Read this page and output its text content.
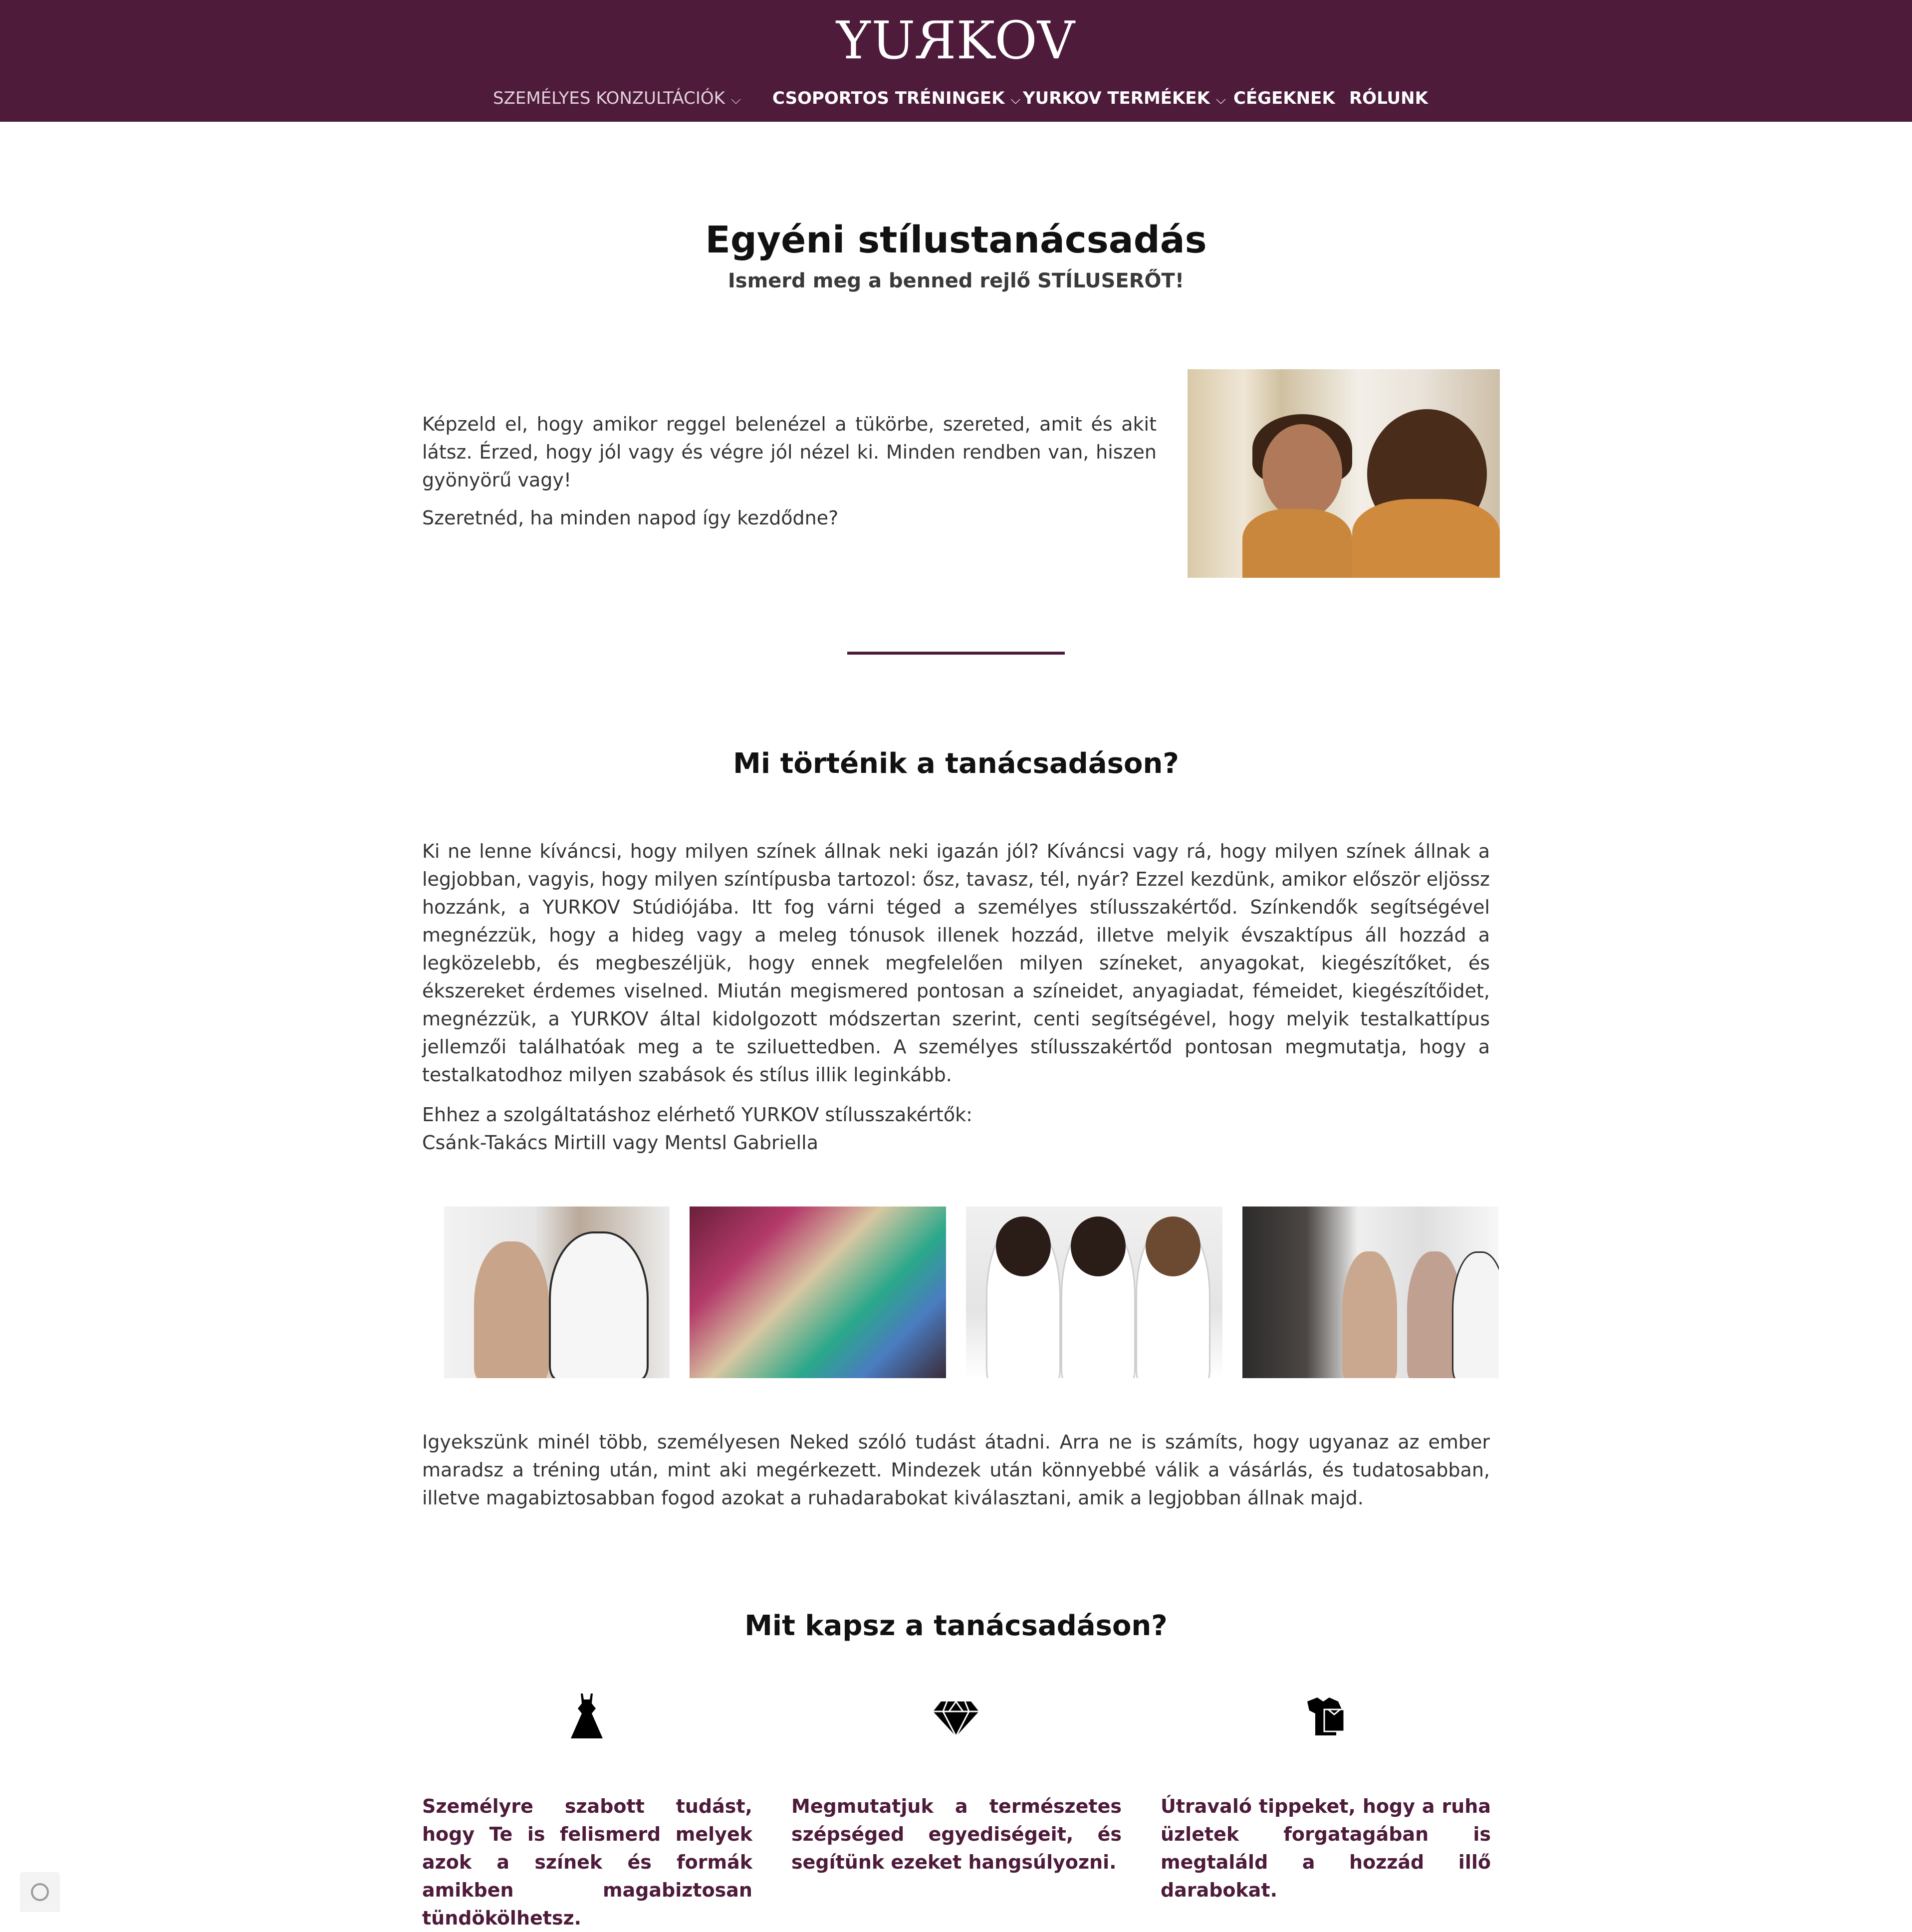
YURKOV
SZEMÉLYES KONZULTÁCIÓK ⌵ CSOPORTOS TRÉNINGEK ⌵ YURKOV TERMÉKEK ⌵ CÉGEKNEK RÓLUNK
Egyéni stílustanácsadás
Ismerd meg a benned rejlő STÍLUSERŐT!

Képzeld el, hogy amikor reggel belenézel a tükörbe, szereted, amit és akit látsz. Érzed, hogy jól vagy és végre jól nézel ki. Minden rendben van, hiszen gyönyörű vagy!

Szeretnéd, ha minden napod így kezdődne?

Mi történik a tanácsadáson?

Ki ne lenne kíváncsi, hogy milyen színek állnak neki igazán jól? Kíváncsi vagy rá, hogy milyen színek állnak a legjobban, vagyis, hogy milyen színtípusba tartozol: ősz, tavasz, tél, nyár? Ezzel kezdünk, amikor először eljössz hozzánk, a YURKOV Stúdiójába. Itt fog várni téged a személyes stílusszakértőd. Színkendők segítségével megnézzük, hogy a hideg vagy a meleg tónusok illenek hozzád, illetve melyik évszaktípus áll hozzád a legközelebb, és megbeszéljük, hogy ennek megfelelően milyen színeket, anyagokat, kiegészítőket, és ékszereket érdemes viselned. Miután megismered pontosan a színeidet, anyagiadat, fémeidet, kiegészítőidet, megnézzük, a YURKOV által kidolgozott módszertan szerint, centi segítségével, hogy melyik testalkattípus jellemzői találhatóak meg a te sziluettedben. A személyes stílusszakértőd pontosan megmutatja, hogy a testalkatodhoz milyen szabások és stílus illik leginkább.

Ehhez a szolgáltatáshoz elérhető YURKOV stílusszakértők:
Csánk-Takács Mirtill vagy Mentsl Gabriella

Igyekszünk minél több, személyesen Neked szóló tudást átadni. Arra ne is számíts, hogy ugyanaz az ember maradsz a tréning után, mint aki megérkezett. Mindezek után könnyebbé válik a vásárlás, és tudatosabban, illetve magabiztosabban fogod azokat a ruhadarabokat kiválasztani, amik a legjobban állnak majd.

Mit kapsz a tanácsadáson?

Személyre szabott tudást, hogy Te is felismerd melyek azok a színek és formák amikben magabiztosan tündökölhetsz.

Megmutatjuk a természetes szépséged egyediségeit, és segítünk ezeket hangsúlyozni.

Útravaló tippeket, hogy a ruha üzletek forgatagában is megtaláld a hozzád illő darabokat.
